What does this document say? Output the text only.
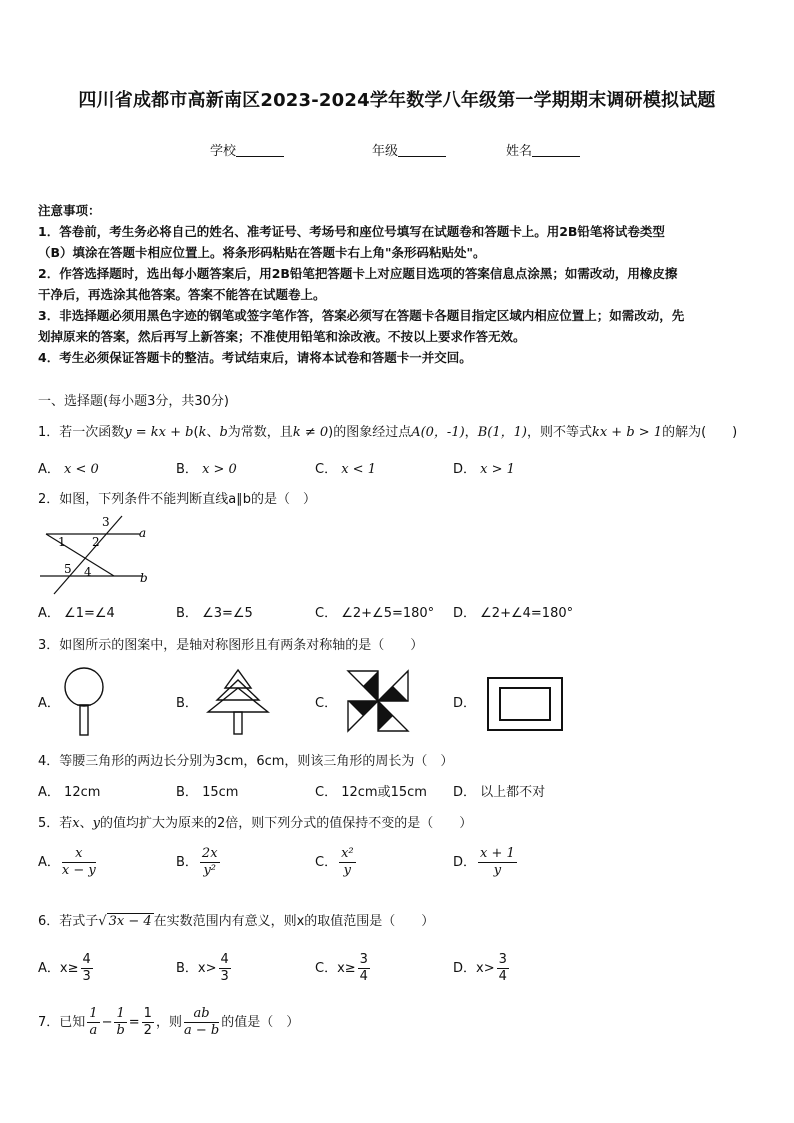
四川省成都市高新南区2023-2024学年数学八年级第一学期期末调研模拟试题
学校	年级	姓名
注意事项：
1．答卷前，考生务必将自己的姓名、准考证号、考场号和座位号填写在试题卷和答题卡上。用2B铅笔将试卷类型
（B）填涂在答题卡相应位置上。将条形码粘贴在答题卡右上角"条形码粘贴处"。
2．作答选择题时，选出每小题答案后，用2B铅笔把答题卡上对应题目选项的答案信息点涂黑；如需改动，用橡皮擦
干净后，再选涂其他答案。答案不能答在试题卷上。
3．非选择题必须用黑色字迹的钢笔或签字笔作答，答案必须写在答题卡各题目指定区域内相应位置上；如需改动，先
划掉原来的答案，然后再写上新答案；不准使用铅笔和涂改液。不按以上要求作答无效。
4．考生必须保证答题卡的整洁。考试结束后，请将本试卷和答题卡一并交回。
一、选择题(每小题3分，共30分)
1．若一次函数y = kx + b(k、b为常数，且k ≠ 0)的图象经过点A(0，-1)，B(1，1)，则不等式kx + b > 1的解为(　　)
A． x < 0	B． x > 0	C． x < 1	D． x > 1
2．如图，下列条件不能判断直线a∥b的是（　）
1 2
3
4
5
a
b
A． ∠1=∠4	B． ∠3=∠5	C． ∠2+∠5=180° D． ∠2+∠4=180°
3．如图所示的图案中，是轴对称图形且有两条对称轴的是（　　）
A．	B．	C．	D．
4．等腰三角形的两边长分别为3cm，6cm，则该三角形的周长为（　）
A． 12cm	B． 15cm	C． 12cm或15cm D． 以上都不对
5．若x、y的值均扩大为原来的2倍，则下列分式的值保持不变的是（　　）
A． $\frac{x}{x - y}$	B． $\frac{2x}{\text{y²}}$	C． $\frac{\text{x²}}{y}$	D． $\frac{x + 1}{y}$
6．若式子√ 3x − 4 在实数范围内有意义，则x的取值范围是（　　）
A．$x\ge \frac{4}{3}$	B．$x> \frac{4}{3}$	C．$x\ge \frac{3}{4}$	D．$x> \frac{3}{4}$
7．已知 $\frac{1}{a} - \frac{1}{b} = \frac{1}{2}$ ，则 $\frac{ab}{a - b}$ 的值是（　）
